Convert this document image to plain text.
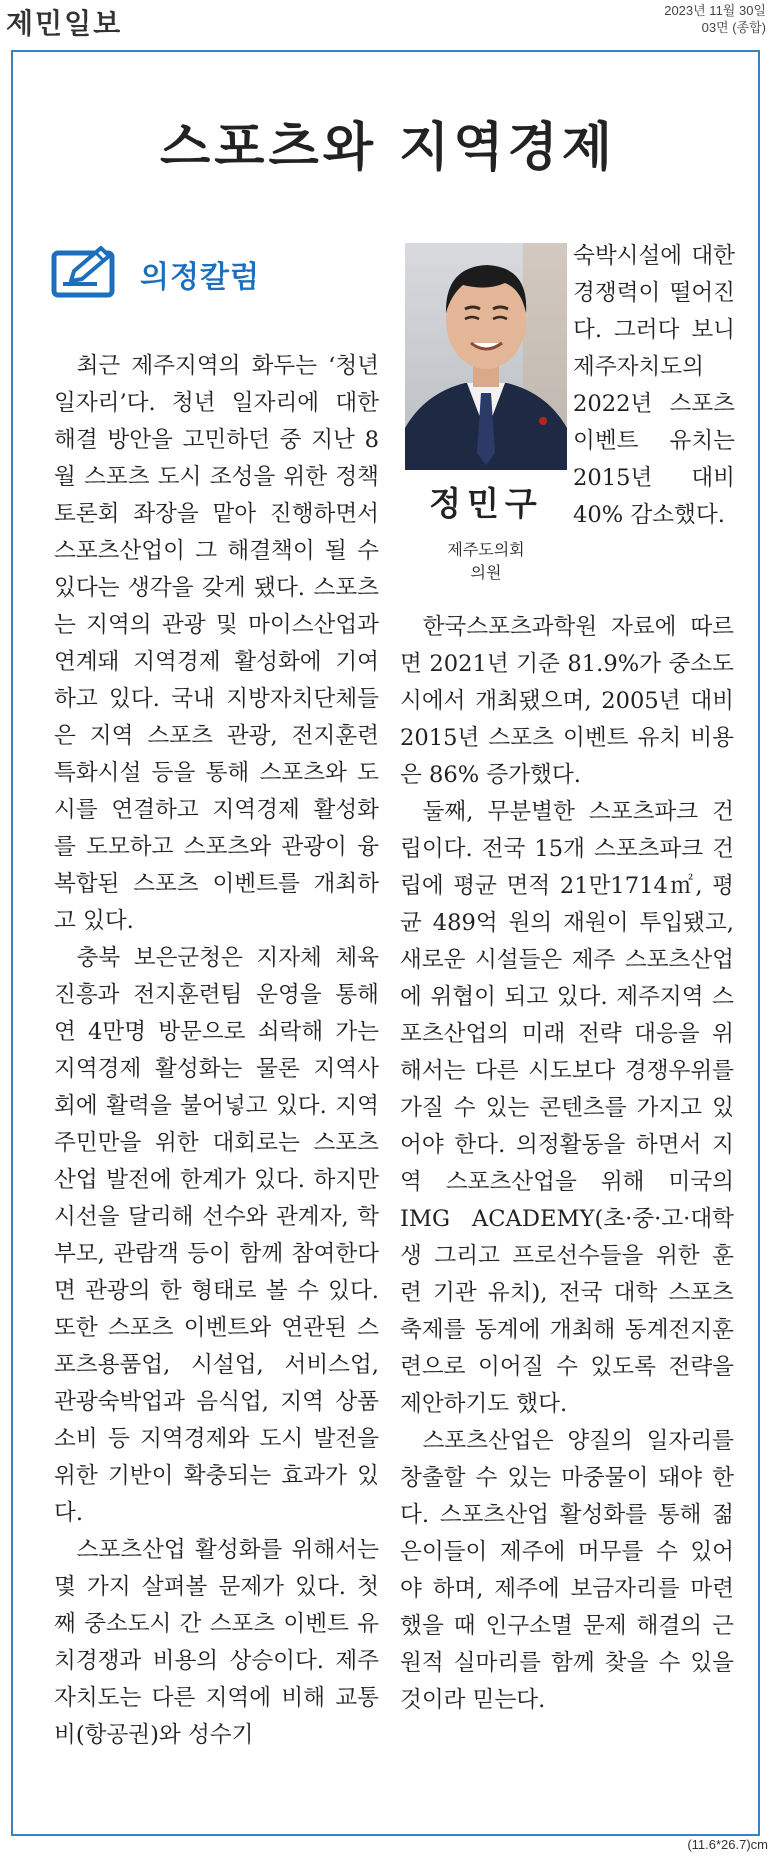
제민일보	2023년 11월 30일
03면 (종합)
스포츠와 지역경제
의정칼럼
정민구
제주도의회
의원

최근 제주지역의 화두는 ‘청년 일자리’다. 청년 일자리에 대한 해결 방안을 고민하던 중 지난 8월 스포츠 도시 조성을 위한 정책 토론회 좌장을 맡아 진행하면서 스포츠산업이 그 해결책이 될 수 있다는 생각을 갖게 됐다. 스포츠는 지역의 관광 및 마이스산업과 연계돼 지역경제 활성화에 기여하고 있다. 국내 지방자치단체들은 지역 스포츠 관광, 전지훈련 특화시설 등을 통해 스포츠와 도시를 연결하고 지역경제 활성화를 도모하고 스포츠와 관광이 융복합된 스포츠 이벤트를 개최하고 있다.

충북 보은군청은 지자체 체육진흥과 전지훈련팀 운영을 통해 연 4만명 방문으로 쇠락해 가는 지역경제 활성화는 물론 지역사회에 활력을 불어넣고 있다. 지역주민만을 위한 대회로는 스포츠산업 발전에 한계가 있다. 하지만 시선을 달리해 선수와 관계자, 학부모, 관람객 등이 함께 참여한다면 관광의 한 형태로 볼 수 있다. 또한 스포츠 이벤트와 연관된 스포츠용품업, 시설업, 서비스업, 관광숙박업과 음식업, 지역 상품 소비 등 지역경제와 도시 발전을 위한 기반이 확충되는 효과가 있다.

스포츠산업 활성화를 위해서는 몇 가지 살펴볼 문제가 있다. 첫째 중소도시 간 스포츠 이벤트 유치경쟁과 비용의 상승이다. 제주자치도는 다른 지역에 비해 교통비(항공권)와 성수기

숙박시설에 대한 경쟁력이 떨어진다. 그러다 보니 제주자치도의 2022년 스포츠 이벤트 유치는 2015년 대비 40% 감소했다.

한국스포츠과학원 자료에 따르면 2021년 기준 81.9%가 중소도시에서 개최됐으며, 2005년 대비 2015년 스포츠 이벤트 유치 비용은 86% 증가했다.

둘째, 무분별한 스포츠파크 건립이다. 전국 15개 스포츠파크 건립에 평균 면적 21만1714㎡, 평균 489억 원의 재원이 투입됐고, 새로운 시설들은 제주 스포츠산업에 위협이 되고 있다. 제주지역 스포츠산업의 미래 전략 대응을 위해서는 다른 시도보다 경쟁우위를 가질 수 있는 콘텐츠를 가지고 있어야 한다. 의정활동을 하면서 지역 스포츠산업을 위해 미국의 IMG ACADEMY(초·중·고·대학생 그리고 프로선수들을 위한 훈련 기관 유치), 전국 대학 스포츠 축제를 동계에 개최해 동계전지훈련으로 이어질 수 있도록 전략을 제안하기도 했다.

스포츠산업은 양질의 일자리를 창출할 수 있는 마중물이 돼야 한다. 스포츠산업 활성화를 통해 젊은이들이 제주에 머무를 수 있어야 하며, 제주에 보금자리를 마련했을 때 인구소멸 문제 해결의 근원적 실마리를 함께 찾을 수 있을 것이라 믿는다.

(11.6*26.7)cm
